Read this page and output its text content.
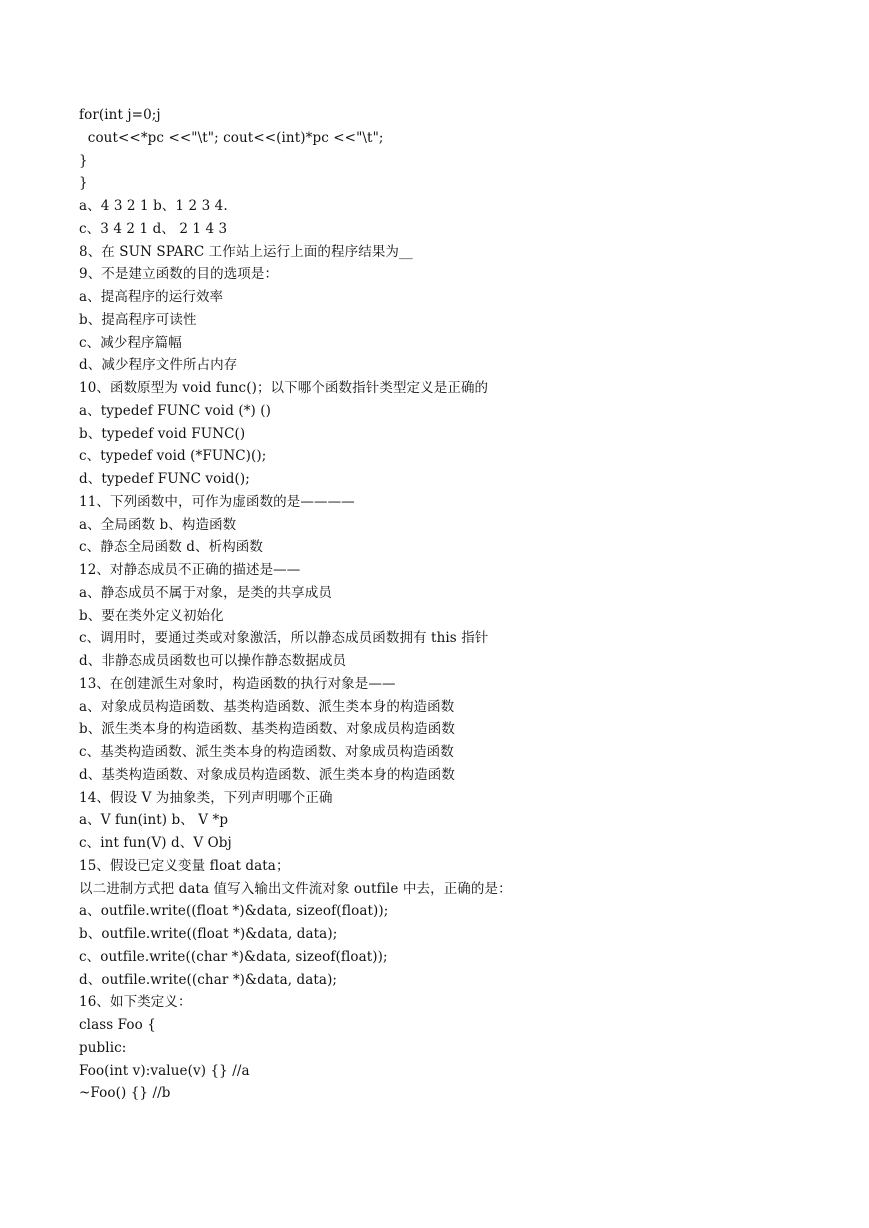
for(int j=0;j
cout<<*pc <<"\t"; cout<<(int)*pc <<"\t";
}
}
a、4 3 2 1 b、1 2 3 4.
c、3 4 2 1 d、 2 1 4 3
8、在 SUN SPARC 工作站上运行上面的程序结果为__
9、不是建立函数的目的选项是：
a、提高程序的运行效率
b、提高程序可读性
c、减少程序篇幅
d、减少程序文件所占内存
10、函数原型为 void func()；以下哪个函数指针类型定义是正确的
a、typedef FUNC void (*) ()
b、typedef void FUNC()
c、typedef void (*FUNC)();
d、typedef FUNC void();
11、下列函数中，可作为虚函数的是————
a、全局函数 b、构造函数
c、静态全局函数 d、析构函数
12、对静态成员不正确的描述是——
a、静态成员不属于对象，是类的共享成员
b、要在类外定义初始化
c、调用时，要通过类或对象激活，所以静态成员函数拥有 this 指针
d、非静态成员函数也可以操作静态数据成员
13、在创建派生对象时，构造函数的执行对象是——
a、对象成员构造函数、基类构造函数、派生类本身的构造函数
b、派生类本身的构造函数、基类构造函数、对象成员构造函数
c、基类构造函数、派生类本身的构造函数、对象成员构造函数
d、基类构造函数、对象成员构造函数、派生类本身的构造函数
14、假设 V 为抽象类，下列声明哪个正确
a、V fun(int) b、 V *p
c、int fun(V) d、V Obj
15、假设已定义变量 float data；
以二进制方式把 data 值写入输出文件流对象 outfile 中去，正确的是：
a、outfile.write((float *)&data, sizeof(float));
b、outfile.write((float *)&data, data);
c、outfile.write((char *)&data, sizeof(float));
d、outfile.write((char *)&data, data);
16、如下类定义：
class Foo {
public:
Foo(int v):value(v) {} //a
~Foo() {} //b
